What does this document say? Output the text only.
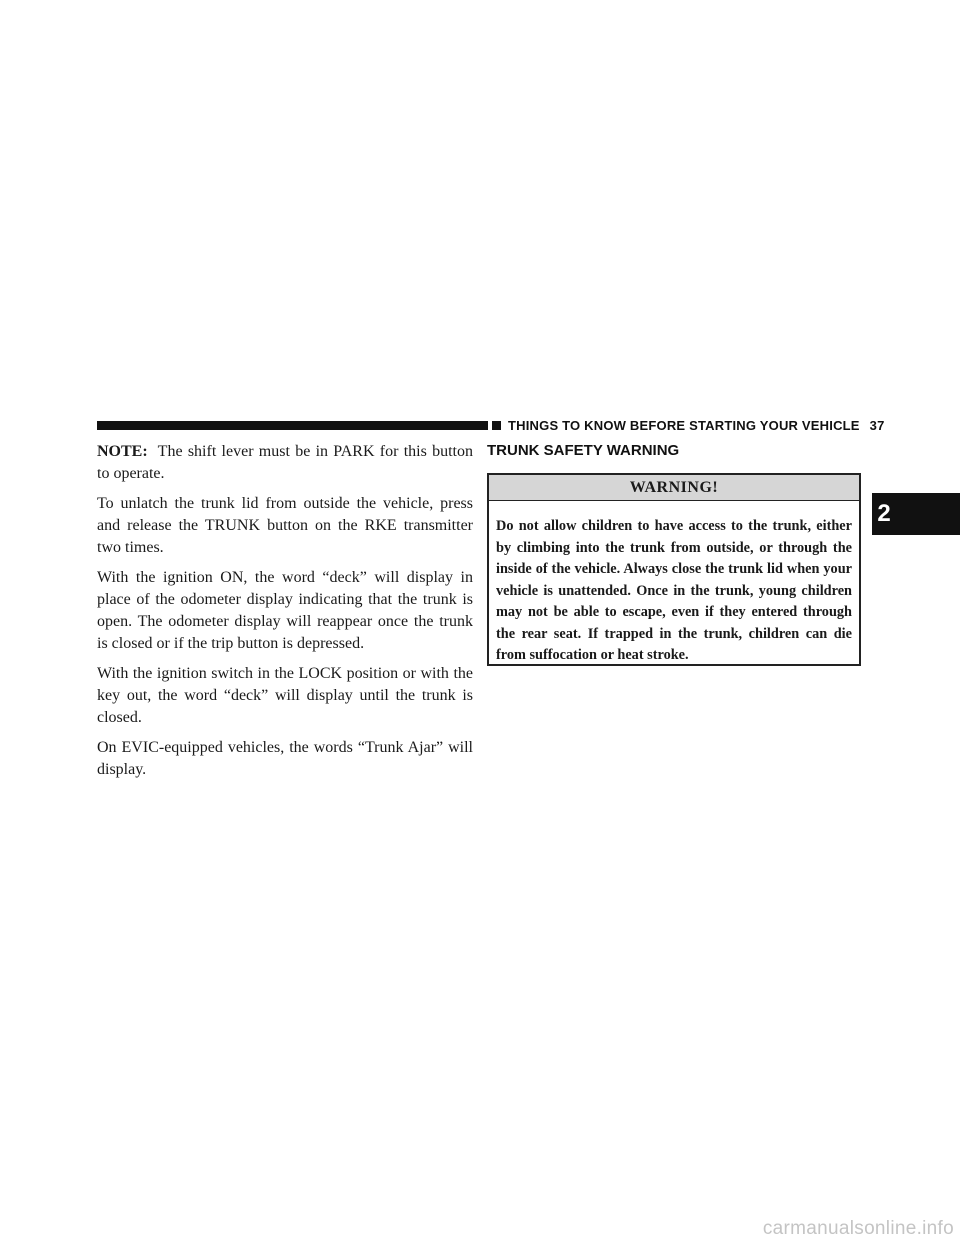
THINGS TO KNOW BEFORE STARTING YOUR VEHICLE 37

NOTE: The shift lever must be in PARK for this button to operate.

To unlatch the trunk lid from outside the vehicle, press and release the TRUNK button on the RKE transmitter two times.

With the ignition ON, the word “deck” will display in place of the odometer display indicating that the trunk is open. The odometer display will reappear once the trunk is closed or if the trip button is depressed.

With the ignition switch in the LOCK position or with the key out, the word “deck” will display until the trunk is closed.

On EVIC-equipped vehicles, the words “Trunk Ajar” will display.

TRUNK SAFETY WARNING
WARNING!
Do not allow children to have access to the trunk, either by climbing into the trunk from outside, or through the inside of the vehicle. Always close the trunk lid when your vehicle is unattended. Once in the trunk, young children may not be able to escape, even if they entered through the rear seat. If trapped in the trunk, children can die from suffocation or heat stroke.
2
carmanualsonline.info
